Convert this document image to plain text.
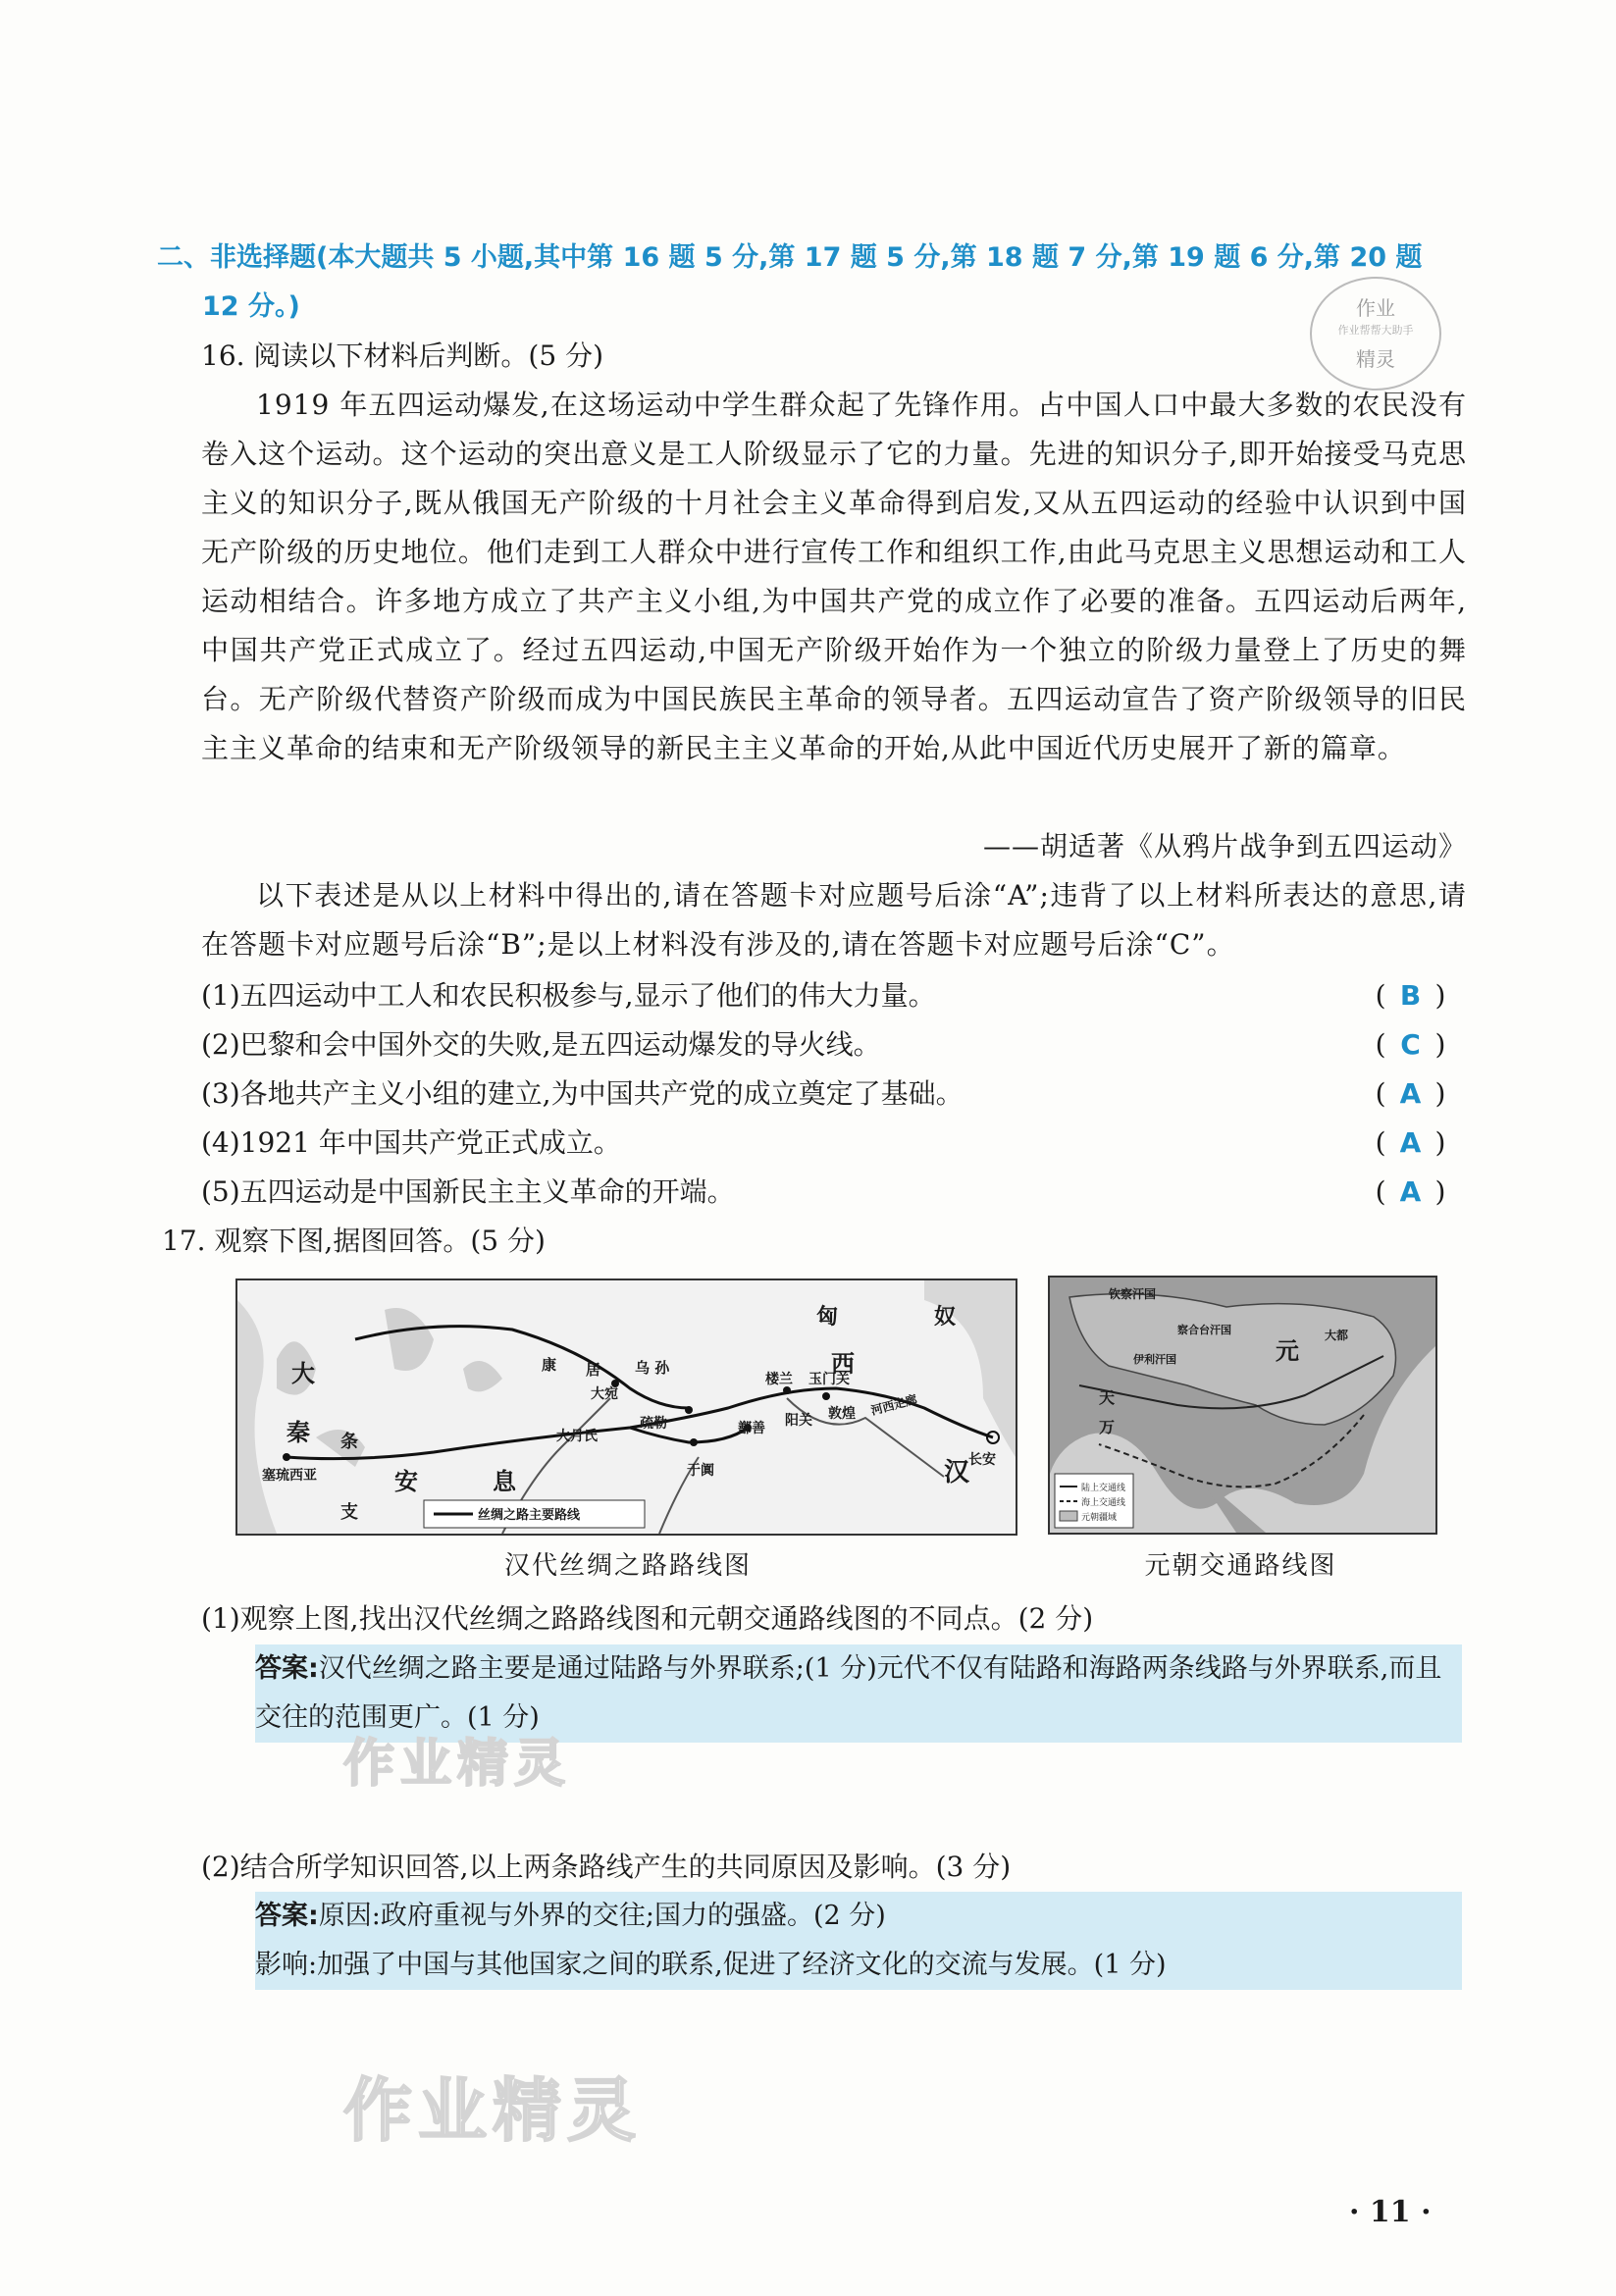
二、非选择题(本大题共 5 小题,其中第 16 题 5 分,第 17 题 5 分,第 18 题 7 分,第 19 题 6 分,第 20 题
12 分。)	作业
作业帮帮大助手
精灵
16. 阅读以下材料后判断。(5 分)
1919 年五四运动爆发,在这场运动中学生群众起了先锋作用。占中国人口中最大多数的农民没有卷入这个运动。这个运动的突出意义是工人阶级显示了它的力量。先进的知识分子,即开始接受马克思主义的知识分子,既从俄国无产阶级的十月社会主义革命得到启发,又从五四运动的经验中认识到中国无产阶级的历史地位。他们走到工人群众中进行宣传工作和组织工作,由此马克思主义思想运动和工人运动相结合。许多地方成立了共产主义小组,为中国共产党的成立作了必要的准备。五四运动后两年,中国共产党正式成立了。经过五四运动,中国无产阶级开始作为一个独立的阶级力量登上了历史的舞台。无产阶级代替资产阶级而成为中国民族民主革命的领导者。五四运动宣告了资产阶级领导的旧民主主义革命的结束和无产阶级领导的新民主主义革命的开始,从此中国近代历史展开了新的篇章。
——胡适著《从鸦片战争到五四运动》
以下表述是从以上材料中得出的,请在答题卡对应题号后涂“A”;违背了以上材料所表达的意思,请在答题卡对应题号后涂“B”;是以上材料没有涉及的,请在答题卡对应题号后涂“C”。
(1)五四运动中工人和农民积极参与,显示了他们的伟大力量。	( B )
(2)巴黎和会中国外交的失败,是五四运动爆发的导火线。	( C )
(3)各地共产主义小组的建立,为中国共产党的成立奠定了基础。	( A )
(4)1921 年中国共产党正式成立。	( A )
(5)五四运动是中国新民主主义革命的开端。	( A )
17. 观察下图,据图回答。(5 分)
匈	奴
西
大
秦 条
安	息
支
汉
康 居 乌 孙
大宛
大月氏
疏勒
于阗
楼兰 玉门关
敦煌
阳关
鄯善
河西走廊
长安
塞琉西亚
丝绸之路主要路线
汉代丝绸之路路线图
钦察汗国
察合台汗国
伊利汗国	元
大都
天
万
陆上交通线
海上交通线
元朝疆域
元朝交通路线图
(1)观察上图,找出汉代丝绸之路路线图和元朝交通路线图的不同点。(2 分)
答案:汉代丝绸之路主要是通过陆路与外界联系;(1 分)元代不仅有陆路和海路两条线路与外界联系,而且交往的范围更广。(1 分)
作业精灵
(2)结合所学知识回答,以上两条路线产生的共同原因及影响。(3 分)
答案:原因:政府重视与外界的交往;国力的强盛。(2 分)
影响:加强了中国与其他国家之间的联系,促进了经济文化的交流与发展。(1 分)
作业精灵
· 11 ·
